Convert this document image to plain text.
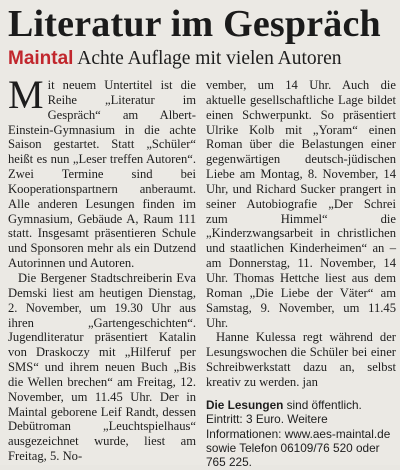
Literatur im Gespräch
Maintal Achte Auflage mit vielen Autoren

Mit neuem Untertitel ist die Reihe „Literatur im Gespräch“ am Albert-Einstein-Gymnasium in die achte Saison gestartet. Statt „Schüler“ heißt es nun „Leser treffen Autoren“. Zwei Termine sind bei Kooperationspartnern anberaumt. Alle anderen Lesungen finden im Gymnasium, Gebäude A, Raum 111 statt. Insgesamt präsentieren Schule und Sponsoren mehr als ein Dutzend Autorinnen und Autoren.

Die Bergener Stadtschreiberin Eva Demski liest am heutigen Dienstag, 2. November, um 19.30 Uhr aus ihren „Gartengeschichten“. Jugendliteratur präsentiert Katalin von Draskoczy mit „Hilferuf per SMS“ und ihrem neuen Buch „Bis die Wellen brechen“ am Freitag, 12. November, um 11.45 Uhr. Der in Maintal geborene Leif Randt, dessen Debütroman „Leuchtspielhaus“ ausgezeichnet wurde, liest am Freitag, 5. No-

vember, um 14 Uhr. Auch die aktuelle gesellschaftliche Lage bildet einen Schwerpunkt. So präsentiert Ulrike Kolb mit „Yoram“ einen Roman über die Belastungen einer gegenwärtigen deutsch-jüdischen Liebe am Montag, 8. November, 14 Uhr, und Richard Sucker prangert in seiner Autobiografie „Der Schrei zum Himmel“ die „Kinderzwangsarbeit in christlichen und staatlichen Kinderheimen“ an – am Donnerstag, 11. November, 14 Uhr. Thomas Hettche liest aus dem Roman „Die Liebe der Väter“ am Samstag, 9. November, um 11.45 Uhr.

Hanne Kulessa regt während der Lesungswochen die Schüler bei einer Schreibwerkstatt dazu an, selbst kreativ zu werden. jan

Die Lesungen sind öffentlich. Eintritt: 3 Euro. Weitere Informationen: www.aes-maintal.de sowie Telefon 06109/76 520 oder 765 225.
